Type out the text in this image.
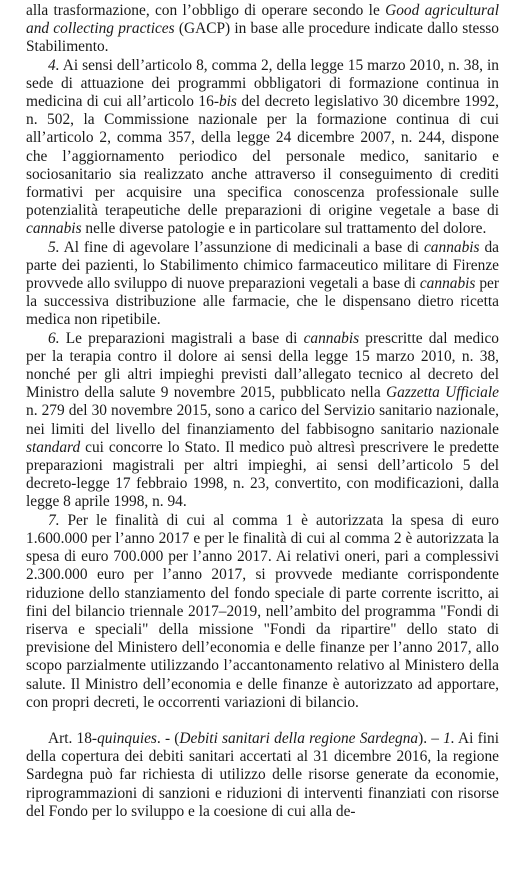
alla trasformazione, con l’obbligo di operare secondo le Good agricultural and collecting practices (GACP) in base alle procedure indicate dallo stesso Stabilimento.

4. Ai sensi dell’articolo 8, comma 2, della legge 15 marzo 2010, n. 38, in sede di attuazione dei programmi obbligatori di formazione continua in medicina di cui all’articolo 16-bis del decreto legislativo 30 dicembre 1992, n. 502, la Commissione nazionale per la formazione continua di cui all’articolo 2, comma 357, della legge 24 dicembre 2007, n. 244, dispone che l’aggiornamento periodico del personale medico, sanitario e sociosanitario sia realizzato anche attraverso il conseguimento di crediti formativi per acquisire una specifica conoscenza professionale sulle potenzialità terapeutiche delle preparazioni di origine vegetale a base di cannabis nelle diverse patologie e in particolare sul trattamento del dolore.

5. Al fine di agevolare l’assunzione di medicinali a base di cannabis da parte dei pazienti, lo Stabilimento chimico farmaceutico militare di Firenze provvede allo sviluppo di nuove preparazioni vegetali a base di cannabis per la successiva distribuzione alle farmacie, che le dispensano dietro ricetta medica non ripetibile.

6. Le preparazioni magistrali a base di cannabis prescritte dal medico per la terapia contro il dolore ai sensi della legge 15 marzo 2010, n. 38, nonché per gli altri impieghi previsti dall’allegato tecnico al decreto del Ministro della salute 9 novembre 2015, pubblicato nella Gazzetta Ufficiale n. 279 del 30 novembre 2015, sono a carico del Servizio sanitario nazionale, nei limiti del livello del finanziamento del fabbisogno sanitario nazionale standard cui concorre lo Stato. Il medico può altresì prescrivere le predette preparazioni magistrali per altri impieghi, ai sensi dell’articolo 5 del decreto-legge 17 febbraio 1998, n. 23, convertito, con modificazioni, dalla legge 8 aprile 1998, n. 94.

7. Per le finalità di cui al comma 1 è autorizzata la spesa di euro 1.600.000 per l’anno 2017 e per le finalità di cui al comma 2 è autorizzata la spesa di euro 700.000 per l’anno 2017. Ai relativi oneri, pari a complessivi 2.300.000 euro per l’anno 2017, si provvede mediante corrispondente riduzione dello stanziamento del fondo speciale di parte corrente iscritto, ai fini del bilancio triennale 2017–2019, nell’ambito del programma "Fondi di riserva e speciali" della missione "Fondi da ripartire" dello stato di previsione del Ministero dell’economia e delle finanze per l’anno 2017, allo scopo parzialmente utilizzando l’accantonamento relativo al Ministero della salute. Il Ministro dell’economia e delle finanze è autorizzato ad apportare, con propri decreti, le occorrenti variazioni di bilancio.

Art. 18-quinquies. - (Debiti sanitari della regione Sardegna). – 1. Ai fini della copertura dei debiti sanitari accertati al 31 dicembre 2016, la regione Sardegna può far richiesta di utilizzo delle risorse generate da economie, riprogrammazioni di sanzioni e riduzioni di interventi finanziati con risorse del Fondo per lo sviluppo e la coesione di cui alla de-
